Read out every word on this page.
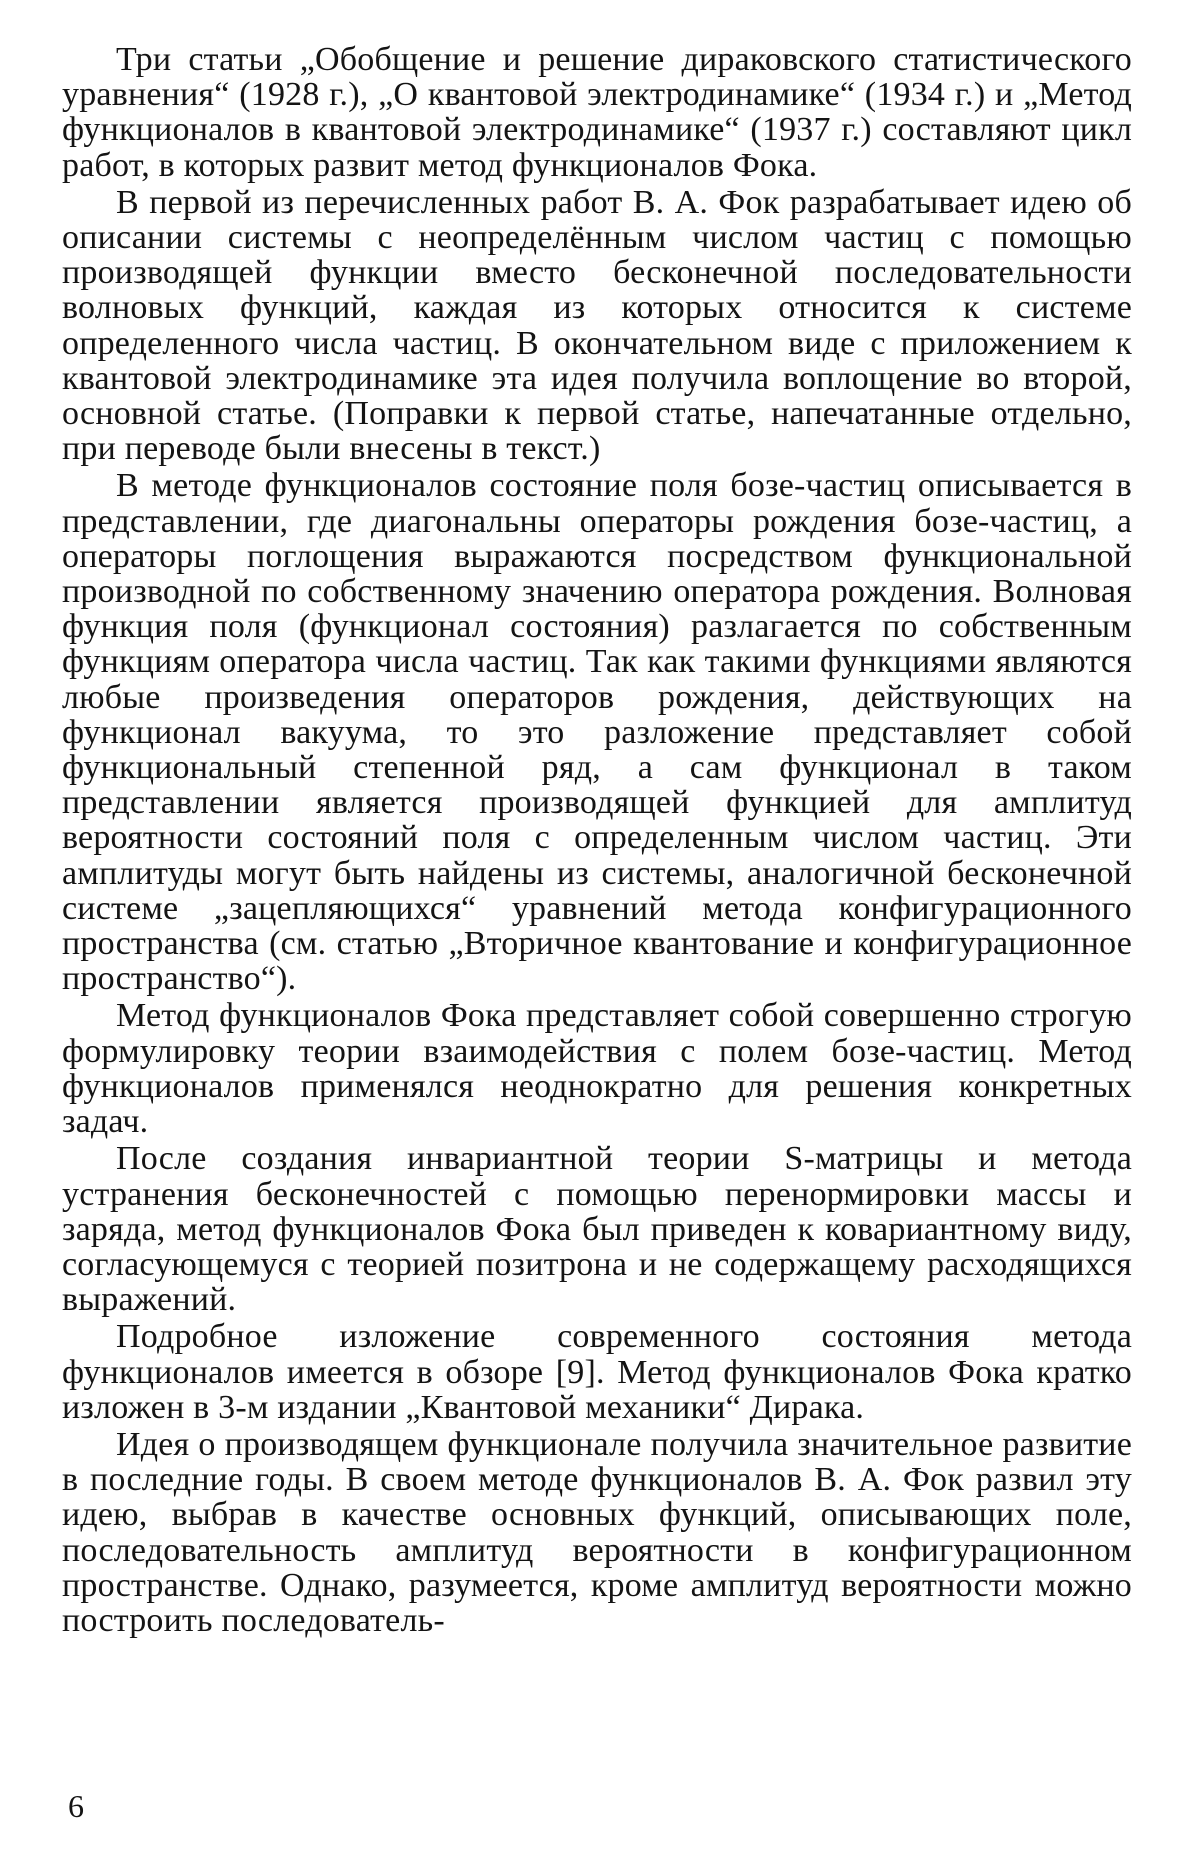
Три статьи „Обобщение и решение дираковского статистического уравнения“ (1928 г.), „О квантовой электродинамике“ (1934 г.) и „Метод функционалов в квантовой электродинамике“ (1937 г.) составляют цикл работ, в которых развит метод функционалов Фока.

В первой из перечисленных работ В. А. Фок разрабатывает идею об описании системы с неопределённым числом частиц с помощью производящей функции вместо бесконечной последовательности волновых функций, каждая из которых относится к системе определенного числа частиц. В окончательном виде с приложением к квантовой электродинамике эта идея получила воплощение во второй, основной статье. (Поправки к первой статье, напечатанные отдельно, при переводе были внесены в текст.)

В методе функционалов состояние поля бозе-частиц описывается в представлении, где диагональны операторы рождения бозе-частиц, а операторы поглощения выражаются посредством функциональной производной по собственному значению оператора рождения. Волновая функция поля (функционал состояния) разлагается по собственным функциям оператора числа частиц. Так как такими функциями являются любые произведения операторов рождения, действующих на функционал вакуума, то это разложение представляет собой функциональный степенной ряд, а сам функционал в таком представлении является производящей функцией для амплитуд вероятности состояний поля с определенным числом частиц. Эти амплитуды могут быть найдены из системы, аналогичной бесконечной системе „зацепляющихся“ уравнений метода конфигурационного пространства (см. статью „Вторичное квантование и конфигурационное пространство“).

Метод функционалов Фока представляет собой совершенно строгую формулировку теории взаимодействия с полем бозе-частиц. Метод функционалов применялся неоднократно для решения конкретных задач.

После создания инвариантной теории S-матрицы и метода устранения бесконечностей с помощью перенормировки массы и заряда, метод функционалов Фока был приведен к ковариантному виду, согласующемуся с теорией позитрона и не содержащему расходящихся выражений.

Подробное изложение современного состояния метода функционалов имеется в обзоре [9]. Метод функционалов Фока кратко изложен в 3-м издании „Квантовой механики“ Дирака.

Идея о производящем функционале получила значительное развитие в последние годы. В своем методе функционалов В. А. Фок развил эту идею, выбрав в качестве основных функций, описывающих поле, последовательность амплитуд вероятности в конфигурационном пространстве. Однако, разумеется, кроме амплитуд вероятности можно построить последователь-

6
